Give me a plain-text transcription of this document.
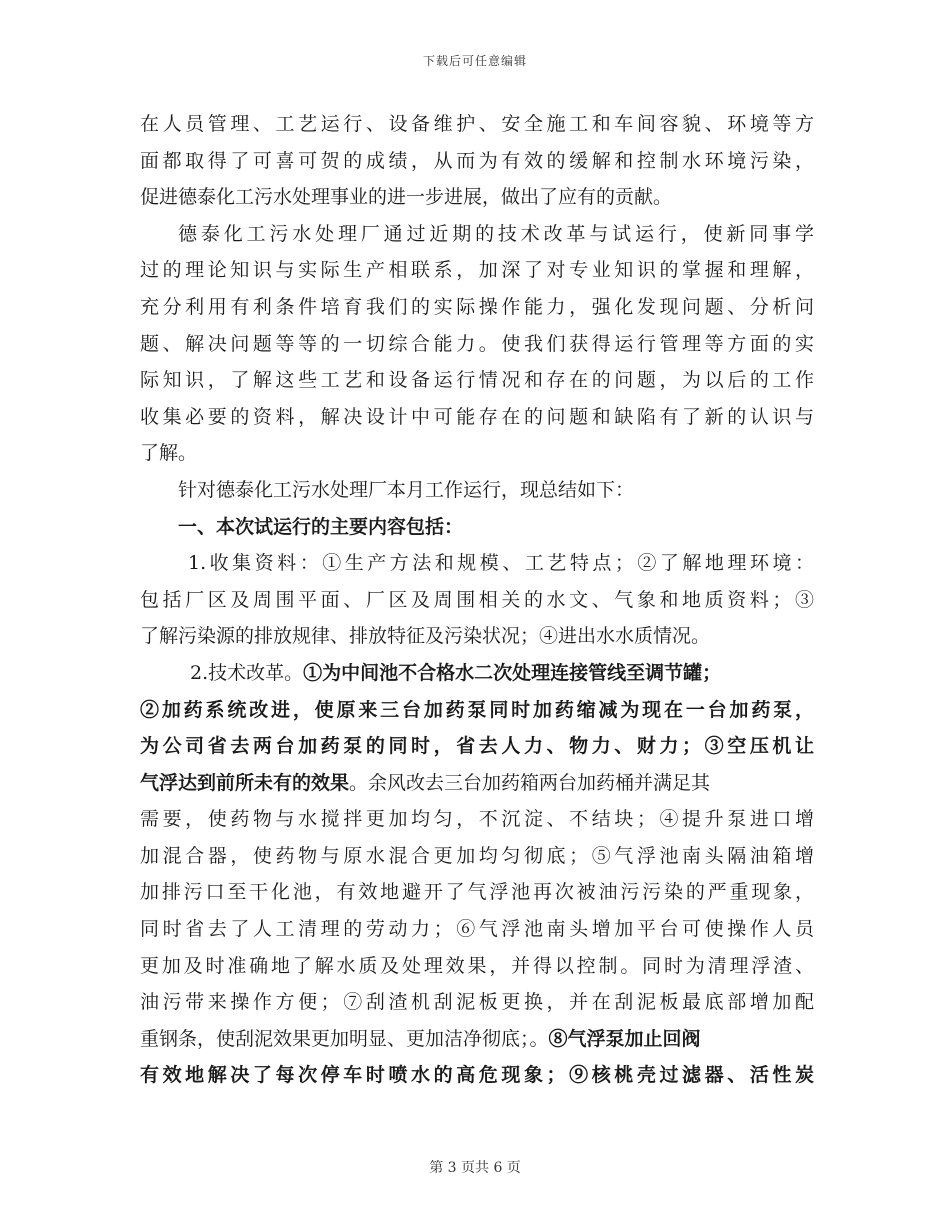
下载后可任意编辑
在人员管理、工艺运行、设备维护、安全施工和车间容貌、环境等方
面都取得了可喜可贺的成绩，从而为有效的缓解和控制水环境污染，
促进德泰化工污水处理事业的进一步进展，做出了应有的贡献。
德泰化工污水处理厂通过近期的技术改革与试运行，使新同事学
过的理论知识与实际生产相联系，加深了对专业知识的掌握和理解，
充分利用有利条件培育我们的实际操作能力，强化发现问题、分析问
题、解决问题等等的一切综合能力。使我们获得运行管理等方面的实
际知识，了解这些工艺和设备运行情况和存在的问题，为以后的工作
收集必要的资料，解决设计中可能存在的问题和缺陷有了新的认识与
了解。
针对德泰化工污水处理厂本月工作运行，现总结如下：
一、本次试运行的主要内容包括：
1.收集资料：①生产方法和规模、工艺特点；②了解地理环境：
包括厂区及周围平面、厂区及周围相关的水文、气象和地质资料；③
了解污染源的排放规律、排放特征及污染状况；④进出水水质情况。
2.技术改革。①为中间池不合格水二次处理连接管线至调节罐；
②加药系统改进，使原来三台加药泵同时加药缩减为现在一台加药泵，
为公司省去两台加药泵的同时，省去人力、物力、财力；③空压机让
气浮达到前所未有的效果。余风改去三台加药箱两台加药桶并满足其
需要，使药物与水搅拌更加均匀，不沉淀、不结块；④提升泵进口增
加混合器，使药物与原水混合更加均匀彻底；⑤气浮池南头隔油箱增
加排污口至干化池，有效地避开了气浮池再次被油污污染的严重现象，
同时省去了人工清理的劳动力；⑥气浮池南头增加平台可使操作人员
更加及时准确地了解水质及处理效果，并得以控制。同时为清理浮渣、
油污带来操作方便；⑦刮渣机刮泥板更换，并在刮泥板最底部增加配
重钢条，使刮泥效果更加明显、更加洁净彻底；。⑧气浮泵加止回阀
有效地解决了每次停车时喷水的高危现象；⑨核桃壳过滤器、活性炭
第 3 页共 6 页
